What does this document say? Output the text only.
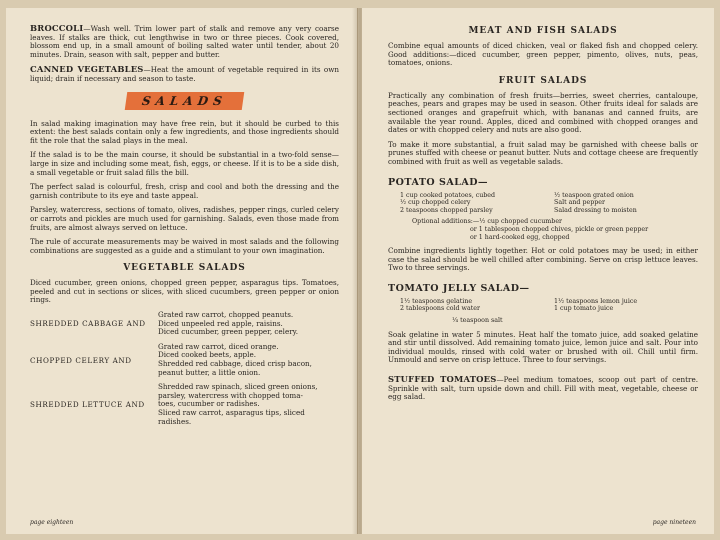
BROCCOLI—Wash well. Trim lower part of stalk and remove any very coarse leaves. If stalks are thick, cut lengthwise in two or three pieces. Cook covered, blossom end up, in a small amount of boiling salted water until tender, about 20 minutes. Drain, season with salt, pepper and butter.

CANNED VEGETABLES—Heat the amount of vegetable required in its own liquid; drain if necessary and season to taste.

SALADS

In salad making imagination may have free rein, but it should be curbed to this extent: the best salads contain only a few ingredients, and those ingredients should fit the role that the salad plays in the meal.

If the salad is to be the main course, it should be substantial in a two-fold sense—large in size and including some meat, fish, eggs, or cheese. If it is to be a side dish, a small vegetable or fruit salad fills the bill.

The perfect salad is colourful, fresh, crisp and cool and both the dressing and the garnish contribute to its eye and taste appeal.

Parsley, watercress, sections of tomato, olives, radishes, pepper rings, curled celery or carrots and pickles are much used for garnishing. Salads, even those made from fruits, are almost always served on lettuce.

The rule of accurate measurements may be waived in most salads and the following combinations are suggested as a guide and a stimulant to your own imagination.

VEGETABLE SALADS

Diced cucumber, green onions, chopped green pepper, asparagus tips. Tomatoes, peeled and cut in sections or slices, with sliced cucumbers, green pepper or onion rings.

SHREDDED CABBAGE AND
Grated raw carrot, chopped peanuts.
Diced unpeeled red apple, raisins.
Diced cucumber, green pepper, celery.
CHOPPED CELERY AND
Grated raw carrot, diced orange.
Diced cooked beets, apple.
Shredded red cabbage, diced crisp bacon,
peanut butter, a little onion.
SHREDDED LETTUCE AND
Shredded raw spinach, sliced green onions,
parsley, watercress with chopped toma-
toes, cucumber or radishes.
Sliced raw carrot, asparagus tips, sliced
radishes.
page eighteen
MEAT AND FISH SALADS

Combine equal amounts of diced chicken, veal or flaked fish and chopped celery. Good additions:—diced cucumber, green pepper, pimento, olives, nuts, peas, tomatoes, onions.

FRUIT SALADS

Practically any combination of fresh fruits—berries, sweet cherries, cantaloupe, peaches, pears and grapes may be used in season. Other fruits ideal for salads are sectioned oranges and grapefruit which, with bananas and canned fruits, are available the year round. Apples, diced and combined with chopped oranges and dates or with chopped celery and nuts are also good.

To make it more substantial, a fruit salad may be garnished with cheese balls or prunes stuffed with cheese or peanut butter. Nuts and cottage cheese are frequently combined with fruit as well as vegetable salads.

POTATO SALAD—
1 cup cooked potatoes, cubed
½ cup chopped celery
2 teaspoons chopped parsley
½ teaspoon grated onion
Salt and pepper
Salad dressing to moisten
Optional additions:—½ cup chopped cucumber
or 1 tablespoon chopped chives, pickle or green pepper
or 1 hard-cooked egg, chopped

Combine ingredients lightly together. Hot or cold potatoes may be used; in either case the salad should be well chilled after combining. Serve on crisp lettuce leaves. Two to three servings.

TOMATO JELLY SALAD—
1½ teaspoons gelatine
2 tablespoons cold water
1½ teaspoons lemon juice
1 cup tomato juice
¼ teaspoon salt

Soak gelatine in water 5 minutes. Heat half the tomato juice, add soaked gelatine and stir until dissolved. Add remaining tomato juice, lemon juice and salt. Pour into individual moulds, rinsed with cold water or brushed with oil. Chill until firm. Unmould and serve on crisp lettuce. Three to four servings.

STUFFED TOMATOES—Peel medium tomatoes, scoop out part of centre. Sprinkle with salt, turn upside down and chill. Fill with meat, vegetable, cheese or egg salad.

page nineteen
